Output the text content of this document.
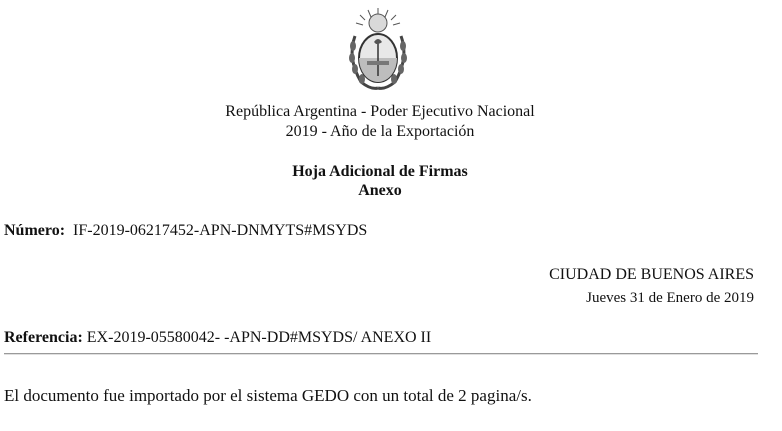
República Argentina - Poder Ejecutivo Nacional
2019 - Año de la Exportación
Hoja Adicional de Firmas
Anexo
Número: IF-2019-06217452-APN-DNMYTS#MSYDS
CIUDAD DE BUENOS AIRES
Jueves 31 de Enero de 2019
Referencia: EX-2019-05580042- -APN-DD#MSYDS/ ANEXO II
El documento fue importado por el sistema GEDO con un total de 2 pagina/s.
